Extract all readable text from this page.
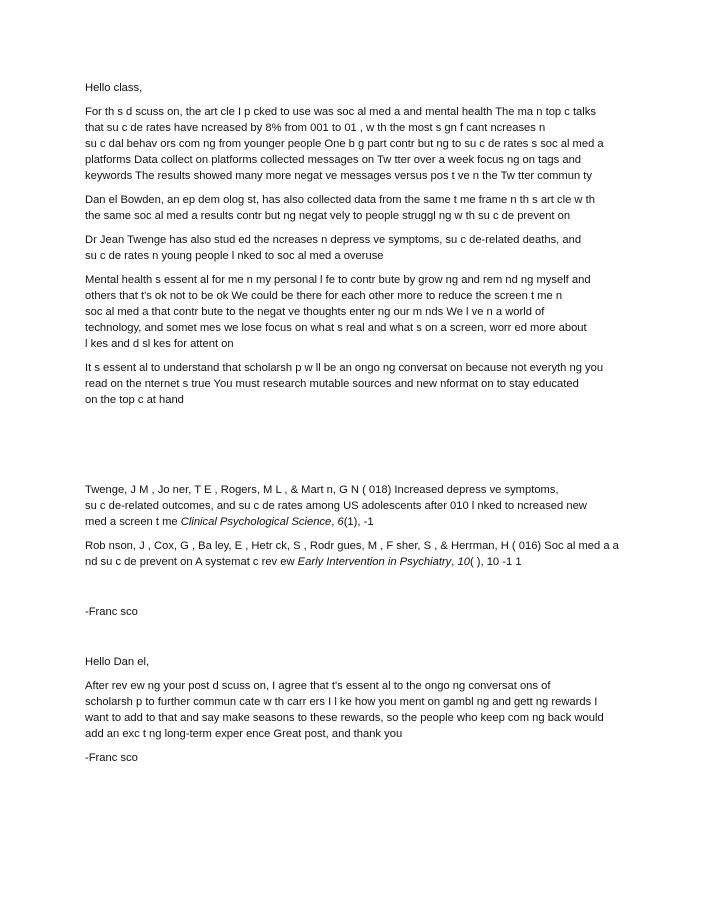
Hello class,

For th s d scuss on, the art cle I p cked to use was soc al med a and mental health The ma n top c talks
that su c de rates have ncreased by 8% from 001 to 01 , w th the most s gn f cant ncreases n
su c dal behav ors com ng from younger people One b g part contr but ng to su c de rates s soc al med a
platforms Data collect on platforms collected messages on Tw tter over a week focus ng on tags and
keywords The results showed many more negat ve messages versus pos t ve n the Tw tter commun ty

Dan el Bowden, an ep dem olog st, has also collected data from the same t me frame n th s art cle w th
the same soc al med a results contr but ng negat vely to people struggl ng w th su c de prevent on

Dr Jean Twenge has also stud ed the ncreases n depress ve symptoms, su c de-related deaths, and
su c de rates n young people l nked to soc al med a overuse

Mental health s essent al for me n my personal l fe to contr bute by grow ng and rem nd ng myself and
others that t's ok not to be ok We could be there for each other more to reduce the screen t me n
soc al med a that contr bute to the negat ve thoughts enter ng our m nds We l ve n a world of
technology, and somet mes we lose focus on what s real and what s on a screen, worr ed more about
l kes and d sl kes for attent on

It s essent al to understand that scholarsh p w ll be an ongo ng conversat on because not everyth ng you
read on the nternet s true You must research mutable sources and new nformat on to stay educated
on the top c at hand

Twenge, J M , Jo ner, T E , Rogers, M L , & Mart n, G N ( 018) Increased depress ve symptoms,
su c de-related outcomes, and su c de rates among US adolescents after 010 l nked to ncreased new
med a screen t me Clinical Psychological Science, 6(1), -1

Rob nson, J , Cox, G , Ba ley, E , Hetr ck, S , Rodr gues, M , F sher, S , & Herrman, H ( 016) Soc al med a a
nd su c de prevent on A systemat c rev ew Early Intervention in Psychiatry, 10( ), 10 -1 1

-Franc sco

Hello Dan el,

After rev ew ng your post d scuss on, I agree that t's essent al to the ongo ng conversat ons of
scholarsh p to further commun cate w th carr ers I l ke how you ment on gambl ng and gett ng rewards I
want to add to that and say make seasons to these rewards, so the people who keep com ng back would
add an exc t ng long-term exper ence Great post, and thank you

-Franc sco
